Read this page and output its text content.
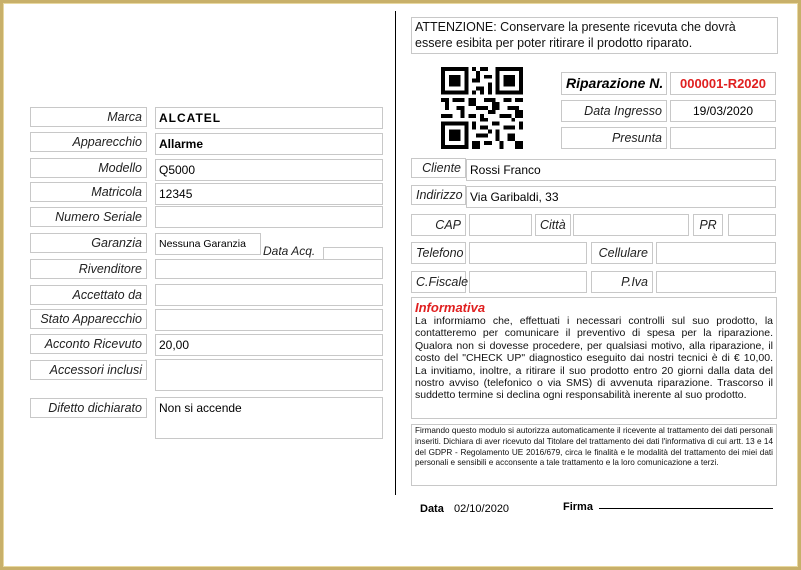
Marca	ALCATEL
Apparecchio	Allarme
Modello	Q5000
Matricola	12345
Numero Seriale
Garanzia	Nessuna Garanzia	Data Acq.
Rivenditore
Accettato da
Stato Apparecchio
Acconto Ricevuto	20,00
Accessori inclusi
Difetto dichiarato	Non si accende
ATTENZIONE: Conservare la presente ricevuta che dovrà essere esibita per poter ritirare il prodotto riparato.
Riparazione N.	000001-R2020
Data Ingresso	19/03/2020
Presunta
Cliente Rossi Franco
Indirizzo Via Garibaldi, 33
CAP	Città	PR
Telefono	Cellulare
C.Fiscale	P.Iva
Informativa
La informiamo che, effettuati i necessari controlli sul suo prodotto, la contatteremo per comunicare il preventivo di spesa per la riparazione. Qualora non si dovesse procedere, per qualsiasi motivo, alla riparazione, il costo del "CHECK UP" diagnostico eseguito dai nostri tecnici è di € 10,00. La invitiamo, inoltre, a ritirare il suo prodotto entro 20 giorni dalla data del nostro avviso (telefonico o via SMS) di avvenuta riparazione. Trascorso il suddetto termine si declina ogni responsabilità inerente al suo prodotto.
Firmando questo modulo si autorizza automaticamente il ricevente al trattamento dei dati personali inseriti. Dichiara di aver ricevuto dal Titolare del trattamento dei dati l'informativa di cui artt. 13 e 14 del GDPR - Regolamento UE 2016/679, circa le finalità e le modalità del trattamento dei miei dati personali e sensibili e acconsente a tale trattamento e la loro comunicazione a terzi.
Data 02/10/2020	Firma
